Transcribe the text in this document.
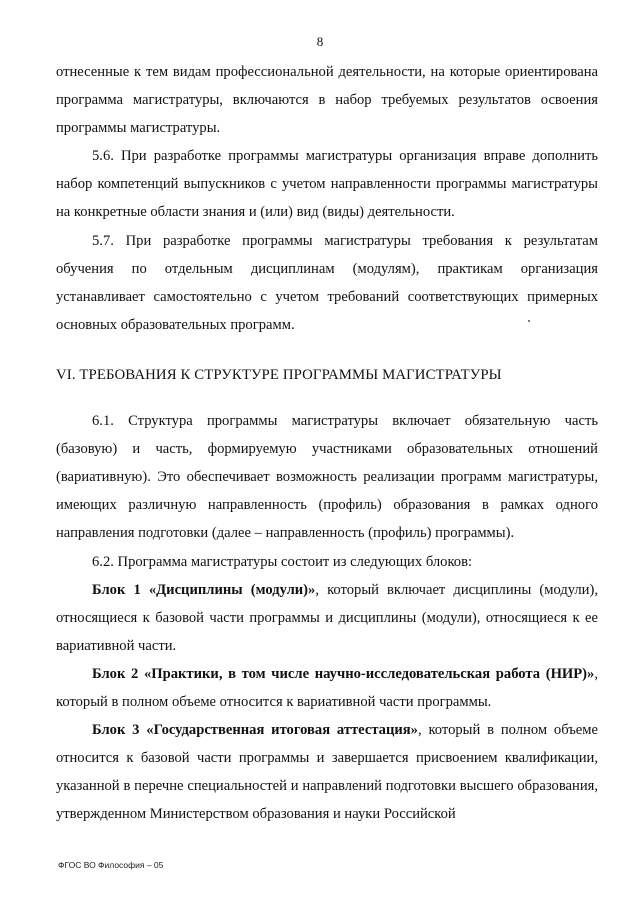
8

отнесенные к тем видам профессиональной деятельности, на которые ориентирована программа магистратуры, включаются в набор требуемых результатов освоения программы магистратуры.

5.6. При разработке программы магистратуры организация вправе дополнить набор компетенций выпускников с учетом направленности программы магистратуры на конкретные области знания и (или) вид (виды) деятельности.

5.7. При разработке программы магистратуры требования к результатам обучения по отдельным дисциплинам (модулям), практикам организация устанавливает самостоятельно с учетом требований соответствующих примерных основных образовательных программ.

VI. ТРЕБОВАНИЯ К СТРУКТУРЕ ПРОГРАММЫ МАГИСТРАТУРЫ

6.1. Структура программы магистратуры включает обязательную часть (базовую) и часть, формируемую участниками образовательных отношений (вариативную). Это обеспечивает возможность реализации программ магистратуры, имеющих различную направленность (профиль) образования в рамках одного направления подготовки (далее – направленность (профиль) программы).

6.2. Программа магистратуры состоит из следующих блоков:

Блок 1 «Дисциплины (модули)», который включает дисциплины (модули), относящиеся к базовой части программы и дисциплины (модули), относящиеся к ее вариативной части.

Блок 2 «Практики, в том числе научно-исследовательская работа (НИР)», который в полном объеме относится к вариативной части программы.

Блок 3 «Государственная итоговая аттестация», который в полном объеме относится к базовой части программы и завершается присвоением квалификации, указанной в перечне специальностей и направлений подготовки высшего образования, утвержденном Министерством образования и науки Российской

ФГОС ВО Философия – 05
